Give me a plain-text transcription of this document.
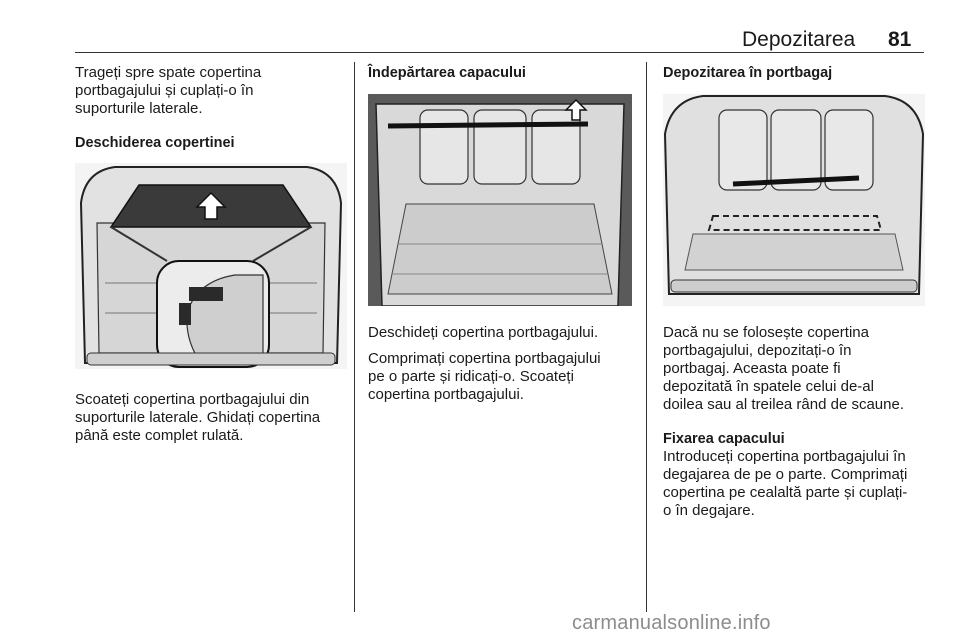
Depozitarea 81

Trageți spre spate copertina

portbagajului și cuplați-o în

suporturile laterale.

Deschiderea copertinei

Scoateți copertina portbagajului din

suporturile laterale. Ghidați copertina

până este complet rulată.

Îndepărtarea capacului

Deschideți copertina portbagajului.

Comprimați copertina portbagajului

pe o parte și ridicați-o. Scoateți

copertina portbagajului.

Depozitarea în portbagaj

Dacă nu se folosește copertina

portbagajului, depozitați-o în

portbagaj. Aceasta poate fi

depozitată în spatele celui de-al

doilea sau al treilea rând de scaune.

Fixarea capacului

Introduceți copertina portbagajului în

degajarea de pe o parte. Comprimați

copertina pe cealaltă parte și cuplați-

o în degajare.

carmanualsonline.info
